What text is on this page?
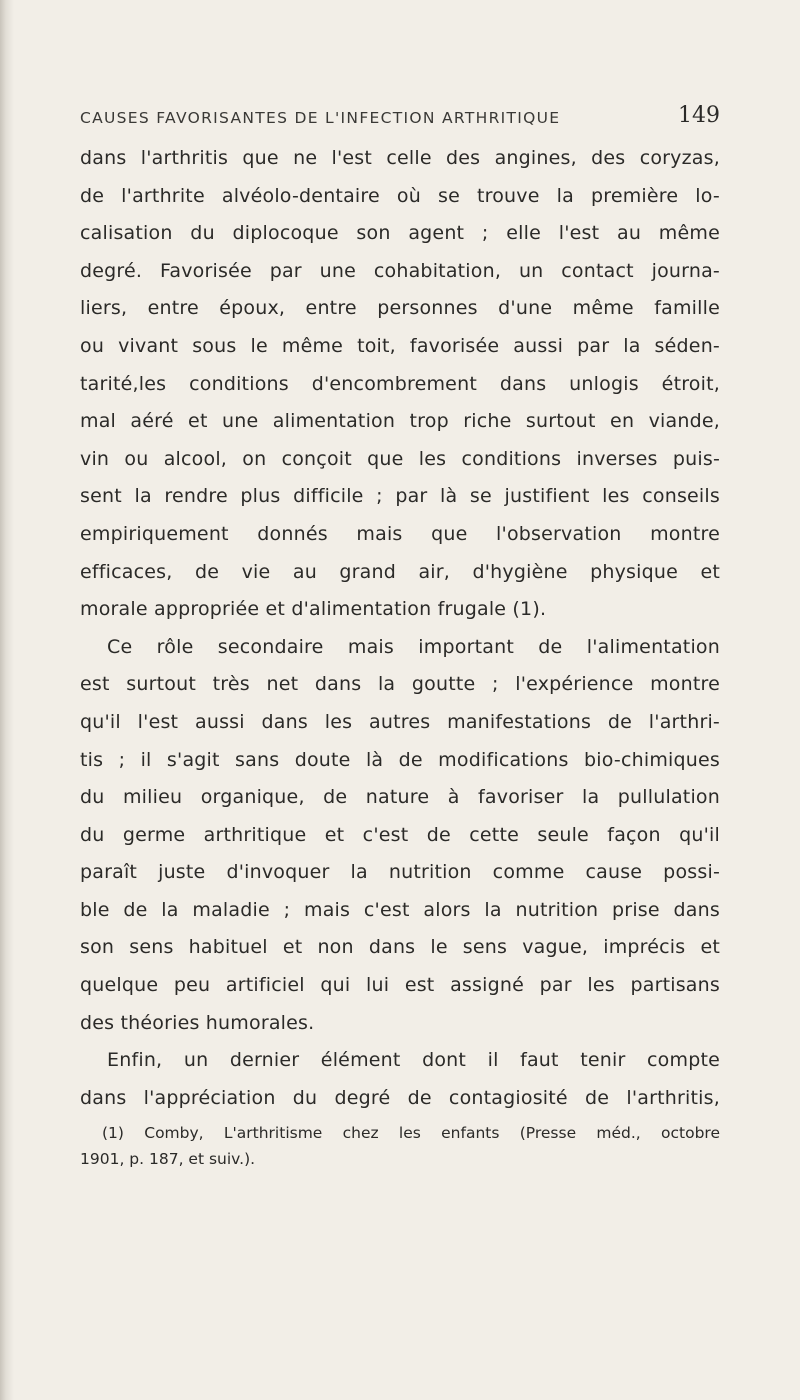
CAUSES FAVORISANTES DE L'INFECTION ARTHRITIQUE	149
dans l'arthritis que ne l'est celle des angines, des coryzas,
de l'arthrite alvéolo-dentaire où se trouve la première lo-
calisation du diplocoque son agent ; elle l'est au même
degré. Favorisée par une cohabitation, un contact journa-
liers, entre époux, entre personnes d'une même famille
ou vivant sous le même toit, favorisée aussi par la séden-
tarité,les conditions d'encombrement dans unlogis étroit,
mal aéré et une alimentation trop riche surtout en viande,
vin ou alcool, on conçoit que les conditions inverses puis-
sent la rendre plus difficile ; par là se justifient les conseils
empiriquement donnés mais que l'observation montre
efficaces, de vie au grand air, d'hygiène physique et
morale appropriée et d'alimentation frugale (1).
Ce rôle secondaire mais important de l'alimentation
est surtout très net dans la goutte ; l'expérience montre
qu'il l'est aussi dans les autres manifestations de l'arthri-
tis ; il s'agit sans doute là de modifications bio-chimiques
du milieu organique, de nature à favoriser la pullulation
du germe arthritique et c'est de cette seule façon qu'il
paraît juste d'invoquer la nutrition comme cause possi-
ble de la maladie ; mais c'est alors la nutrition prise dans
son sens habituel et non dans le sens vague, imprécis et
quelque peu artificiel qui lui est assigné par les partisans
des théories humorales.
Enfin, un dernier élément dont il faut tenir compte
dans l'appréciation du degré de contagiosité de l'arthritis,
(1) Comby, L'arthritisme chez les enfants (Presse méd., octobre
1901, p. 187, et suiv.).
